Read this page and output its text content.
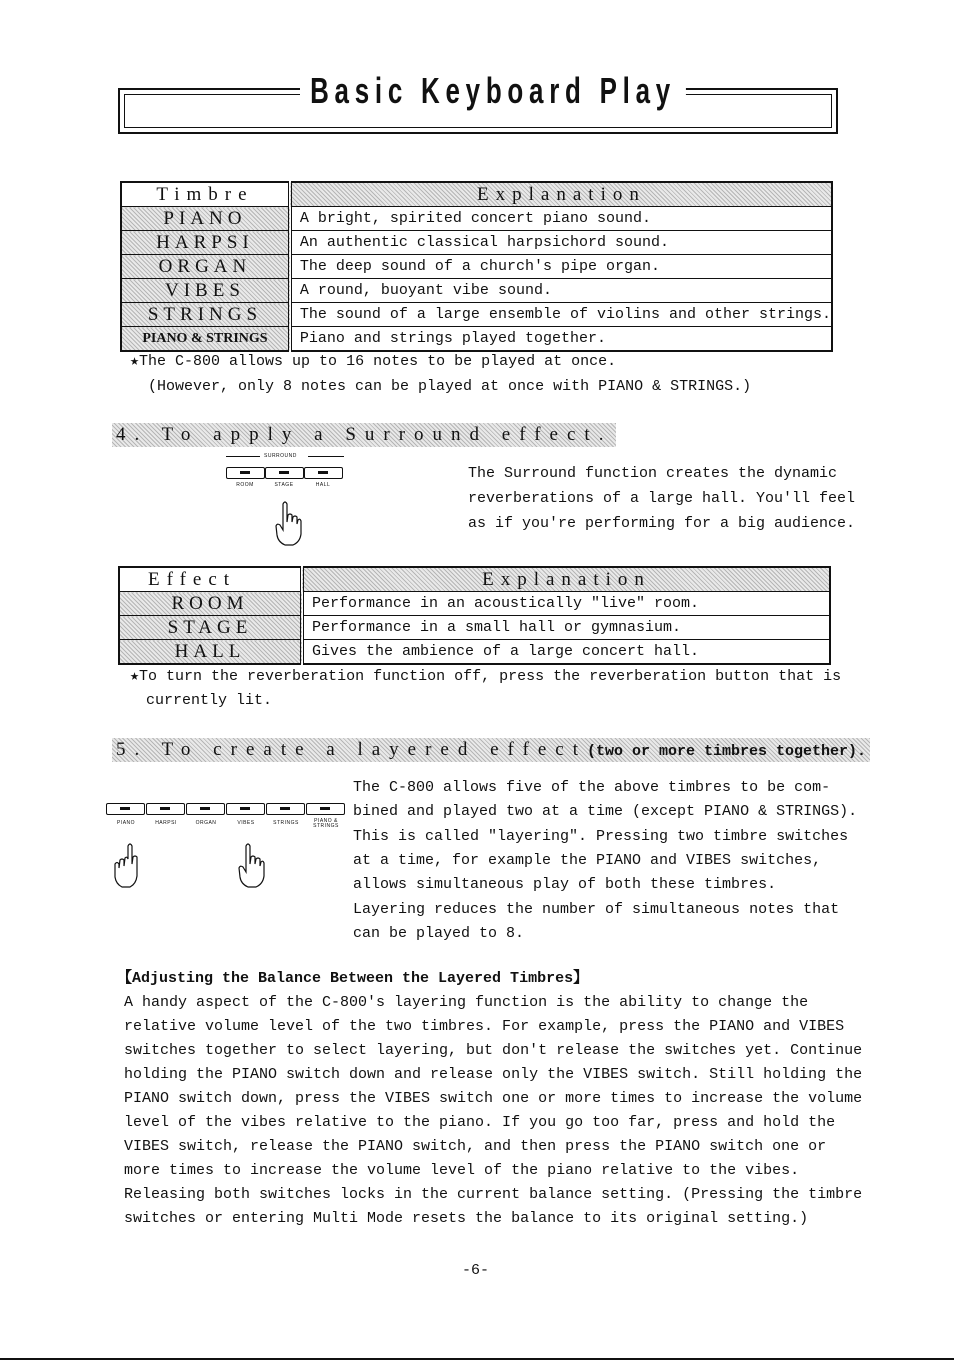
Basic Keyboard Play
Timbre	Explanation
PIANO	A bright, spirited concert piano sound.
HARPSI	An authentic classical harpsichord sound.
ORGAN	The deep sound of a church's pipe organ.
VIBES	A round, buoyant vibe sound.
STRINGS	The sound of a large ensemble of violins and other strings.
PIANO & STRINGS	Piano and strings played together.
★The C-800 allows up to 16 notes to be played at once.
(However, only 8 notes can be played at once with PIANO & STRINGS.)
4. To apply a Surround effect.
SURROUND
ROOM	STAGE	HALL
The Surround function creates the dynamic
reverberations of a large hall. You'll feel
as if you're performing for a big audience.
Effect	Explanation
ROOM	Performance in an acoustically "live" room.
STAGE	Performance in a small hall or gymnasium.
HALL	Gives the ambience of a large concert hall.
★To turn the reverberation function off, press the reverberation button that is
currently lit.
5. To create a layered effect(two or more timbres together).
PIANO	HARPSI	ORGAN	VIBES	STRINGS	PIANO & STRINGS
The C-800 allows five of the above timbres to be com-
bined and played two at a time (except PIANO & STRINGS).
This is called "layering". Pressing two timbre switches
at a time, for example the PIANO and VIBES switches,
allows simultaneous play of both these timbres.
Layering reduces the number of simultaneous notes that
can be played to 8.
【Adjusting the Balance Between the Layered Timbres】
A handy aspect of the C-800's layering function is the ability to change the
relative volume level of the two timbres. For example, press the PIANO and VIBES
switches together to select layering, but don't release the switches yet. Continue
holding the PIANO switch down and release only the VIBES switch. Still holding the
PIANO switch down, press the VIBES switch one or more times to increase the volume
level of the vibes relative to the piano. If you go too far, press and hold the
VIBES switch, release the PIANO switch, and then press the PIANO switch one or
more times to increase the volume level of the piano relative to the vibes.
Releasing both switches locks in the current balance setting. (Pressing the timbre
switches or entering Multi Mode resets the balance to its original setting.)
-6-
